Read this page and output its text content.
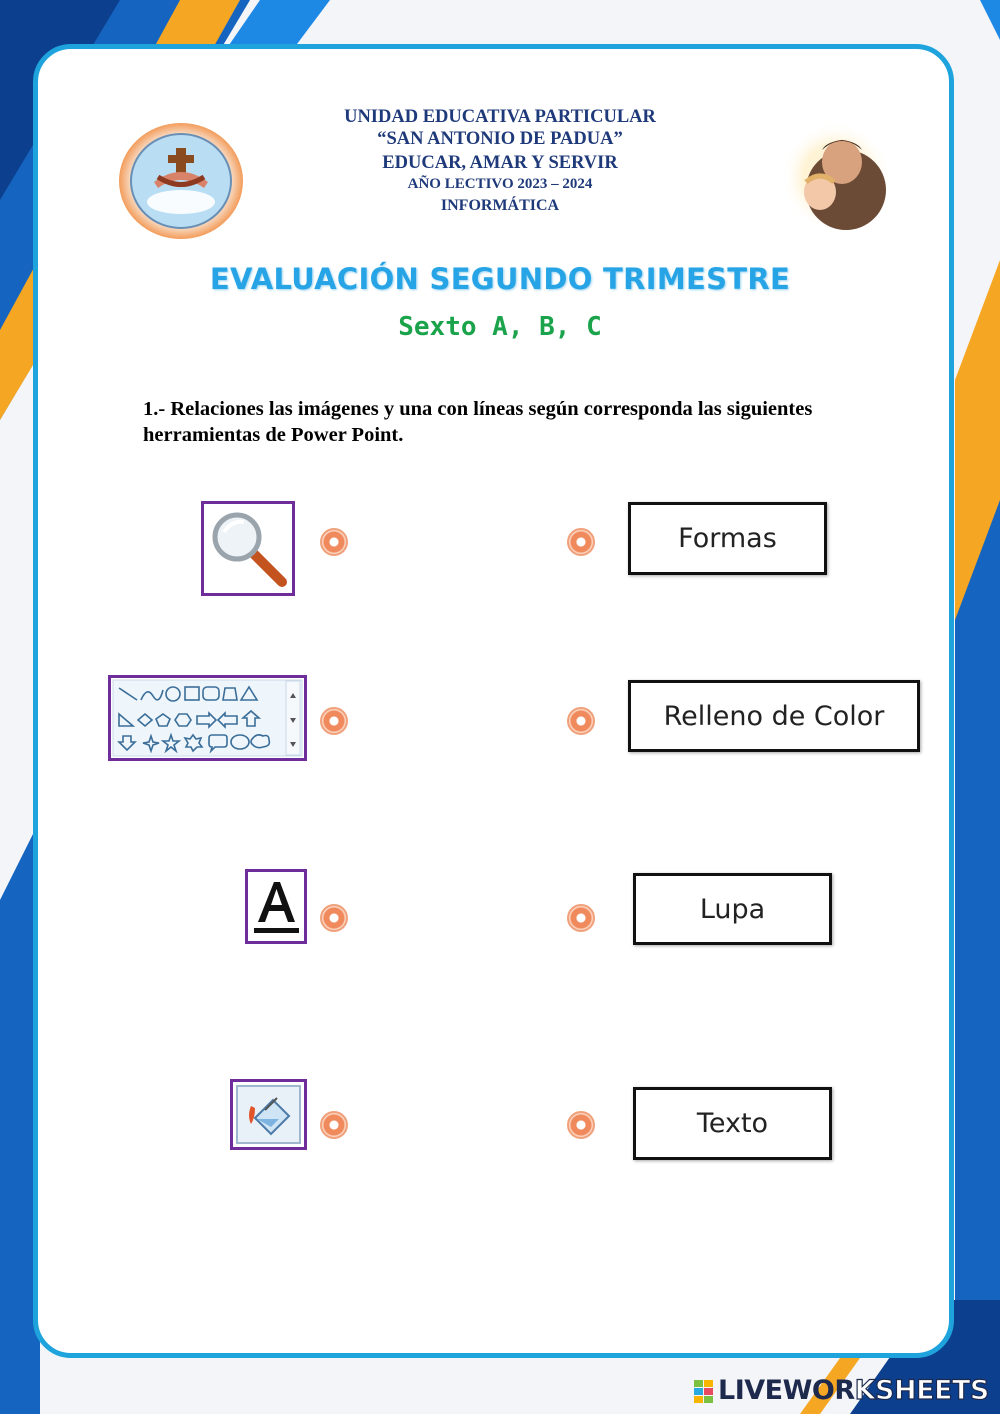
UNIDAD EDUCATIVA PARTICULAR
“SAN ANTONIO DE PADUA”
EDUCAR, AMAR Y SERVIR
AÑO LECTIVO 2023 – 2024
INFORMÁTICA
EVALUACIÓN SEGUNDO TRIMESTRE
Sexto A, B, C
1.- Relaciones las imágenes y una con líneas según corresponda las siguientes herramientas de Power Point.
Formas
Relleno de Color
Lupa
Texto
LIVEWORKSHEETS
